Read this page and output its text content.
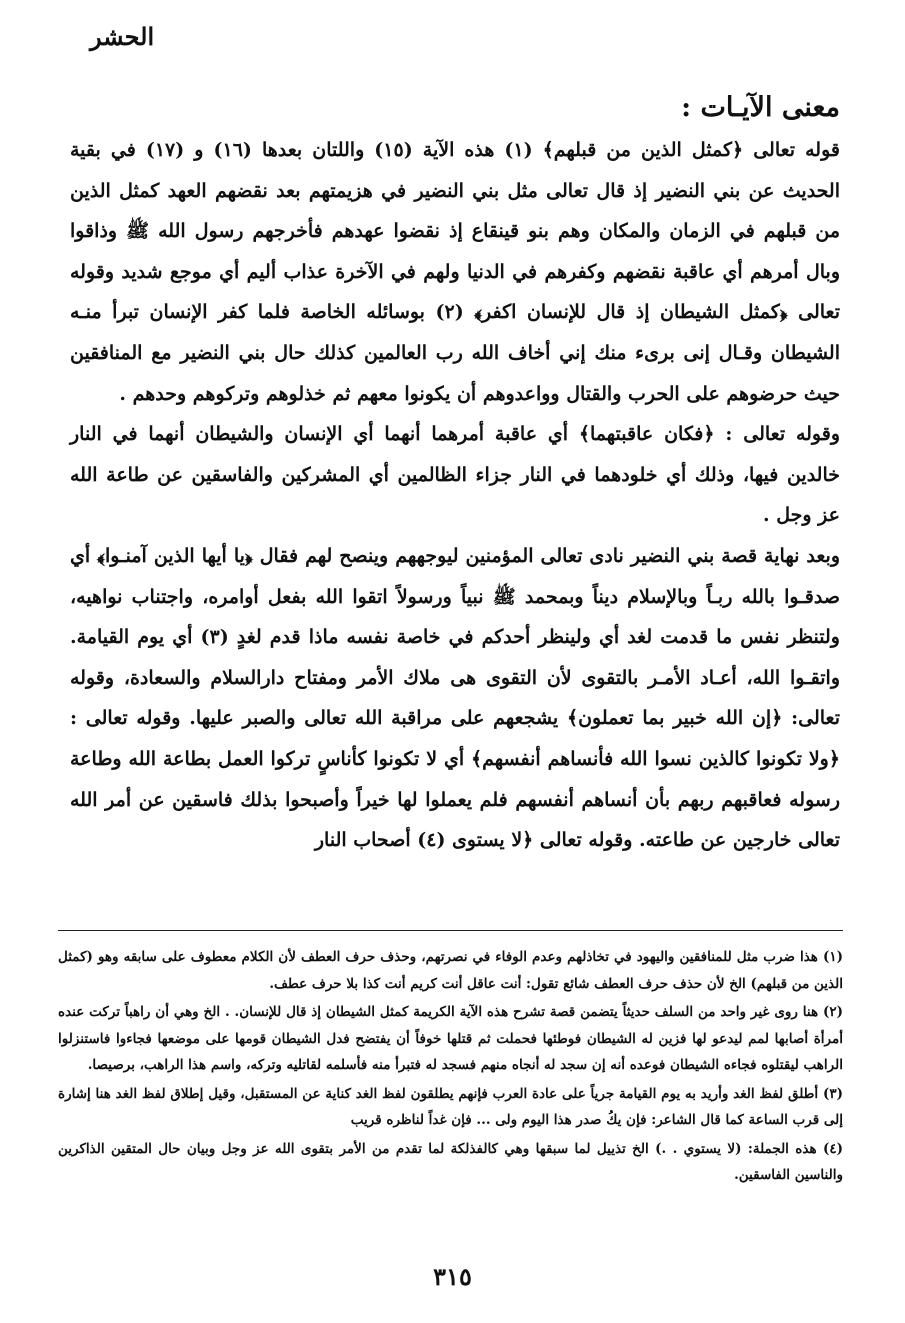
الحشر
معنى الآيـات :

قوله تعالى ﴿كمثل الذين من قبلهم﴾ (١) هذه الآية (١٥) واللتان بعدها (١٦) و (١٧) في بقية الحديث عن بني النضير إذ قال تعالى مثل بني النضير في هزيمتهم بعد نقضهم العهد كمثل الذين من قبلهم في الزمان والمكان وهم بنو قينقاع إذ نقضوا عهدهم فأخرجهم رسول الله ﷺ وذاقوا وبال أمرهم أي عاقبة نقضهم وكفرهم في الدنيا ولهم في الآخرة عذاب أليم أي موجع شديد وقوله تعالى ﴿كمثل الشيطان إذ قال للإنسان اكفر﴾ (٢) بوسائله الخاصة فلما كفر الإنسان تبرأ منـه الشيطان وقـال إنى برىء منك إني أخاف الله رب العالمين كذلك حال بني النضير مع المنافقين حيث حرضوهم على الحرب والقتال وواعدوهم أن يكونوا معهم ثم خذلوهم وتركوهم وحدهم .

وقوله تعالى : ﴿فكان عاقبتهما﴾ أي عاقبة أمرهما أنهما أي الإنسان والشيطان أنهما في النار خالدين فيها، وذلك أي خلودهما في النار جزاء الظالمين أي المشركين والفاسقين عن طاعة الله عز وجل .

وبعد نهاية قصة بني النضير نادى تعالى المؤمنين ليوجههم وينصح لهم فقال ﴿يا أيها الذين آمنـوا﴾ أي صدقـوا بالله ربـاً وبالإسلام ديناً وبمحمد ﷺ نبياً ورسولاً اتقوا الله بفعل أوامره، واجتناب نواهيه، ولتنظر نفس ما قدمت لغد أي ولينظر أحدكم في خاصة نفسه ماذا قدم لغدٍ (٣) أي يوم القيامة. واتقـوا الله، أعـاد الأمـر بالتقوى لأن التقوى هى ملاك الأمر ومفتاح دارالسلام والسعادة، وقوله تعالى: ﴿إن الله خبير بما تعملون﴾ يشجعهم على مراقبة الله تعالى والصبر عليها. وقوله تعالى : ﴿ولا تكونوا كالذين نسوا الله فأنساهم أنفسهم﴾ أي لا تكونوا كأناسٍ تركوا العمل بطاعة الله وطاعة رسوله فعاقبهم ربهم بأن أنساهم أنفسهم فلم يعملوا لها خيراً وأصبحوا بذلك فاسقين عن أمر الله تعالى خارجين عن طاعته. وقوله تعالى ﴿لا يستوى (٤) أصحاب النار

(١) هذا ضرب مثل للمنافقين واليهود في تخاذلهم وعدم الوفاء في نصرتهم، وحذف حرف العطف لأن الكلام معطوف على سابقه وهو (كمثل الذين من قبلهم) الخ لأن حذف حرف العطف شائع تقول: أنت عاقل أنت كريم أنت كذا بلا حرف عطف.

(٢) هنا روى غير واحد من السلف حديثاً يتضمن قصة تشرح هذه الآية الكريمة كمثل الشيطان إذ قال للإنسان. . الخ وهي أن راهباً تركت عنده أمرأة أصابها لمم ليدعو لها فزين له الشيطان فوطئها فحملت ثم قتلها خوفاً أن يفتضح فدل الشيطان قومها على موضعها فجاءوا فاستنزلوا الراهب ليقتلوه فجاءه الشيطان فوعده أنه إن سجد له أنجاه منهم فسجد له فتبرأ منه فأسلمه لقاتليه وتركه، واسم هذا الراهب، برصيصا.

(٣) أطلق لفظ الغد وأريد به يوم القيامة جرياً على عادة العرب فإنهم يطلقون لفظ الغد كناية عن المستقبل، وقيل إطلاق لفظ الغد هنا إشارة إلى قرب الساعة كما قال الشاعر: فإن يكُ صدر هذا اليوم ولى ... فإن غداً لناظره قريب

(٤) هذه الجملة: (لا يستوي . .) الخ تذييل لما سبقها وهي كالفذلكة لما تقدم من الأمر بتقوى الله عز وجل وبيان حال المتقين الذاكرين والناسين الفاسقين.

٣١٥
